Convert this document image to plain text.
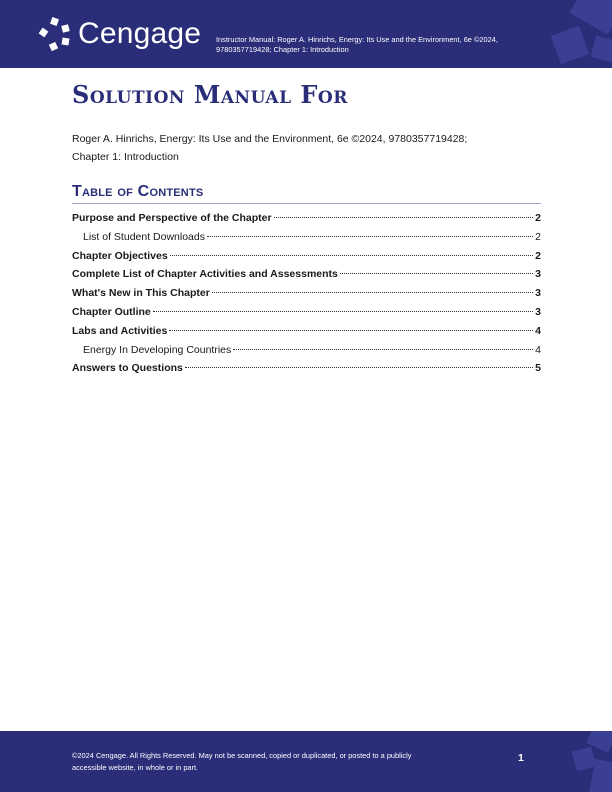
Cengage Instructor Manual: Roger A. Hinrichs, Energy: Its Use and the Environment, 6e ©2024, 9780357719428; Chapter 1: Introduction
Solution Manual For
Roger A. Hinrichs, Energy: Its Use and the Environment, 6e ©2024, 9780357719428;
Chapter 1: Introduction
Table of Contents
Purpose and Perspective of the Chapter	2
List of Student Downloads	2
Chapter Objectives	2
Complete List of Chapter Activities and Assessments	3
What's New in This Chapter	3
Chapter Outline	3
Labs and Activities	4
Energy In Developing Countries	4
Answers to Questions	5
©2024 Cengage. All Rights Reserved. May not be scanned, copied or duplicated, or posted to a publicly accessible website, in whole or in part.
1
